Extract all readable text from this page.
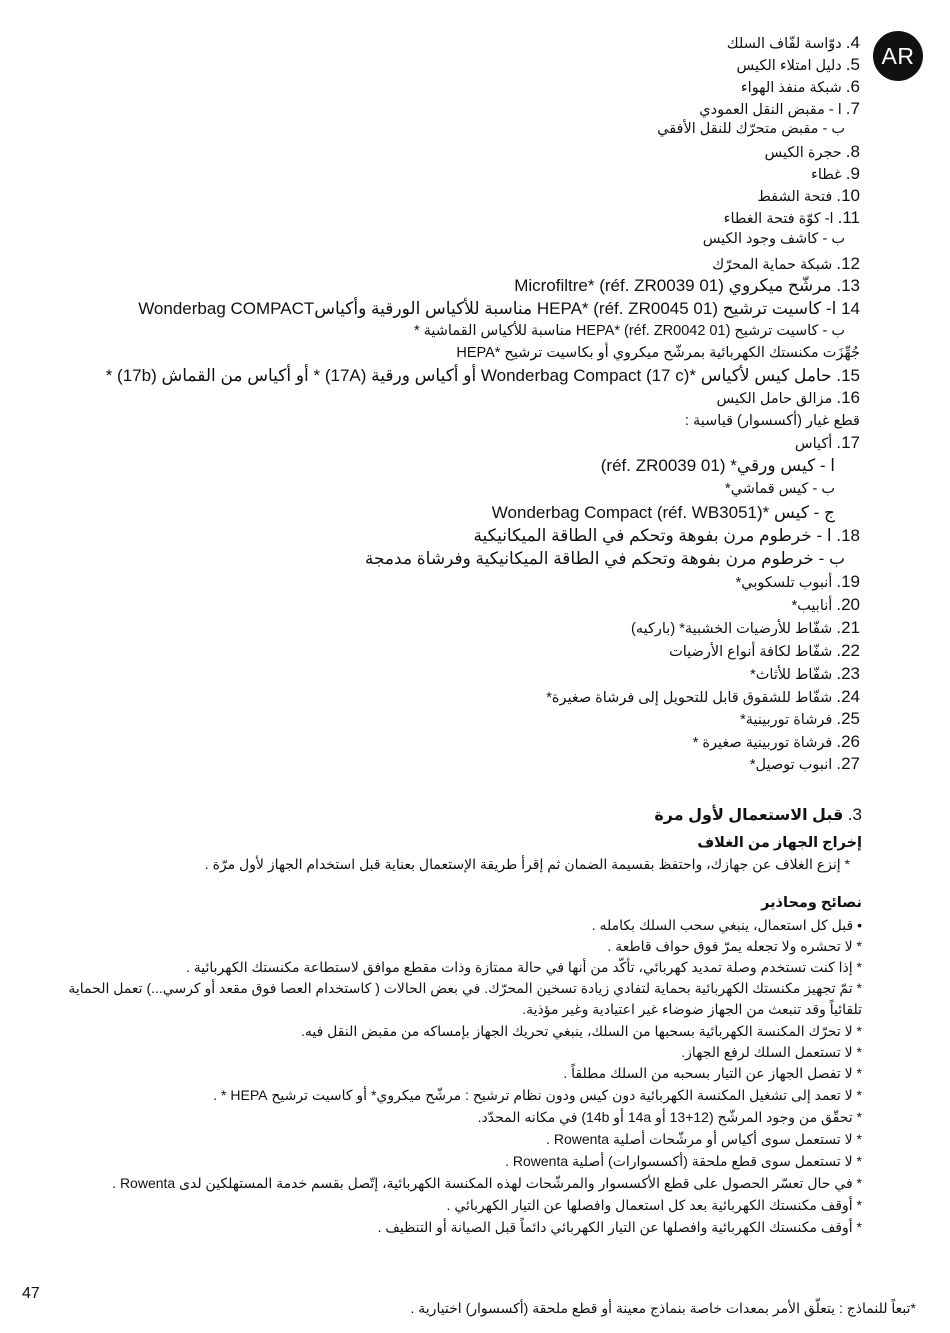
AR
4. دوّاسة لفّاف السلك
5. دليل امتلاء الكيس
6. شبكة منفذ الهواء
7. ا - مقبض النقل العمودي
ب - مقبض متحرّك للنقل الأفقي
8. حجرة الكيس
9. غطاء
10. فتحة الشفط
11. ا- كوّة فتحة الغطاء
ب - كاشف وجود الكيس
12. شبكة حماية المحرّك
13. مرشّح ميكروي (réf. ZR0039 01) *Microfiltre
14 ا- كاسيت ترشيح (réf. ZR0045 01) *HEPA مناسبة للأكياس الورقية وأكياسWonderbag COMPACT
ب - كاسيت ترشيح (réf. ZR0042 01) *HEPA مناسبة للأكياس القماشية *
جُهِّزَت مكنستك الكهربائية بمرشّح ميكروي أو بكاسيت ترشيح *HEPA
15. حامل كيس لأكياس *Wonderbag Compact (17 c) أو أكياس ورقية (17A) * أو أكياس من القماش (17b) *
16. مزالق حامل الكيس
قطع غيار (أكسسوار) قياسية :
17. أكياس
ا - كيس ورقي* (réf. ZR0039 01)
ب - كيس قماشي*
ج - كيس *Wonderbag Compact (réf. WB3051)
18. ا - خرطوم مرن بفوهة وتحكم في الطاقة الميكانيكية
ب - خرطوم مرن بفوهة وتحكم في الطاقة الميكانيكية وفرشاة مدمجة
19. أنبوب تلسكوبي*
20. أنابيب*
21. شفّاط للأرضيات الخشبية* (باركيه)
22. شفّاط لكافة أنواع الأرضيات
23. شفّاط للأثاث*
24. شفّاط للشقوق قابل للتحويل إلى فرشاة صغيرة*
25. فرشاة توربينية*
26. فرشاة توربينية صغيرة *
27. انبوب توصيل*
3. قبل الاستعمال لأول مرة
إخراج الجهاز من الغلاف
* إنزع الغلاف عن جهازك، واحتفظ بقسيمة الضمان ثم إقرأ طريقة الإستعمال بعناية قبل استخدام الجهاز لأول مرّة .
نصائح ومحاذير
• قبل كل استعمال، ينبغي سحب السلك بكامله .
* لا تحشره ولا تجعله يمرّ فوق حواف قاطعة .
* إذا كنت تستخدم وصلة تمديد كهربائي، تأكّد من أنها في حالة ممتازة وذات مقطع موافق لاستطاعة مكنستك الكهربائية .
* تمّ تجهيز مكنستك الكهربائية بحماية لتفادي زيادة تسخين المحرّك. في بعض الحالات ( كاستخدام العصا فوق مقعد أو كرسي...) تعمل الحماية
تلقائياً وقد تنبعث من الجهاز ضوضاء غير اعتيادية وغير مؤذية.
* لا تحرّك المكنسة الكهربائية بسحبها من السلك، ينبغي تحريك الجهاز بإمساكه من مقبض النقل فيه.
* لا تستعمل السلك لرفع الجهاز.
* لا تفصل الجهاز عن التيار بسحبه من السلك مطلقاً .
* لا تعمد إلى تشغيل المكنسة الكهربائية دون كيس ودون نظام ترشيح : مرشّح ميكروي* أو كاسيت ترشيح HEPA * .
* تحقّق من وجود المرشّح (12+13 أو 14a أو 14b) في مكانه المحدّد.
* لا تستعمل سوى أكياس أو مرشّحات أصلية Rowenta .
* لا تستعمل سوى قطع ملحقة (أكسسوارات) أصلية Rowenta .
* في حال تعسّر الحصول على قطع الأكسسوار والمرشّحات لهذه المكنسة الكهربائية، إتّصل بقسم خدمة المستهلكين لدى Rowenta .
* أوقف مكنستك الكهربائية بعد كل استعمال وافصلها عن التيار الكهربائي .
* أوقف مكنستك الكهربائية وافصلها عن التيار الكهربائي دائماً قبل الصيانة أو التنظيف .
47
*تبعاً للنماذج : يتعلّق الأمر بمعدات خاصة بنماذج معينة أو قطع ملحقة (أكسسوار) اختيارية .
